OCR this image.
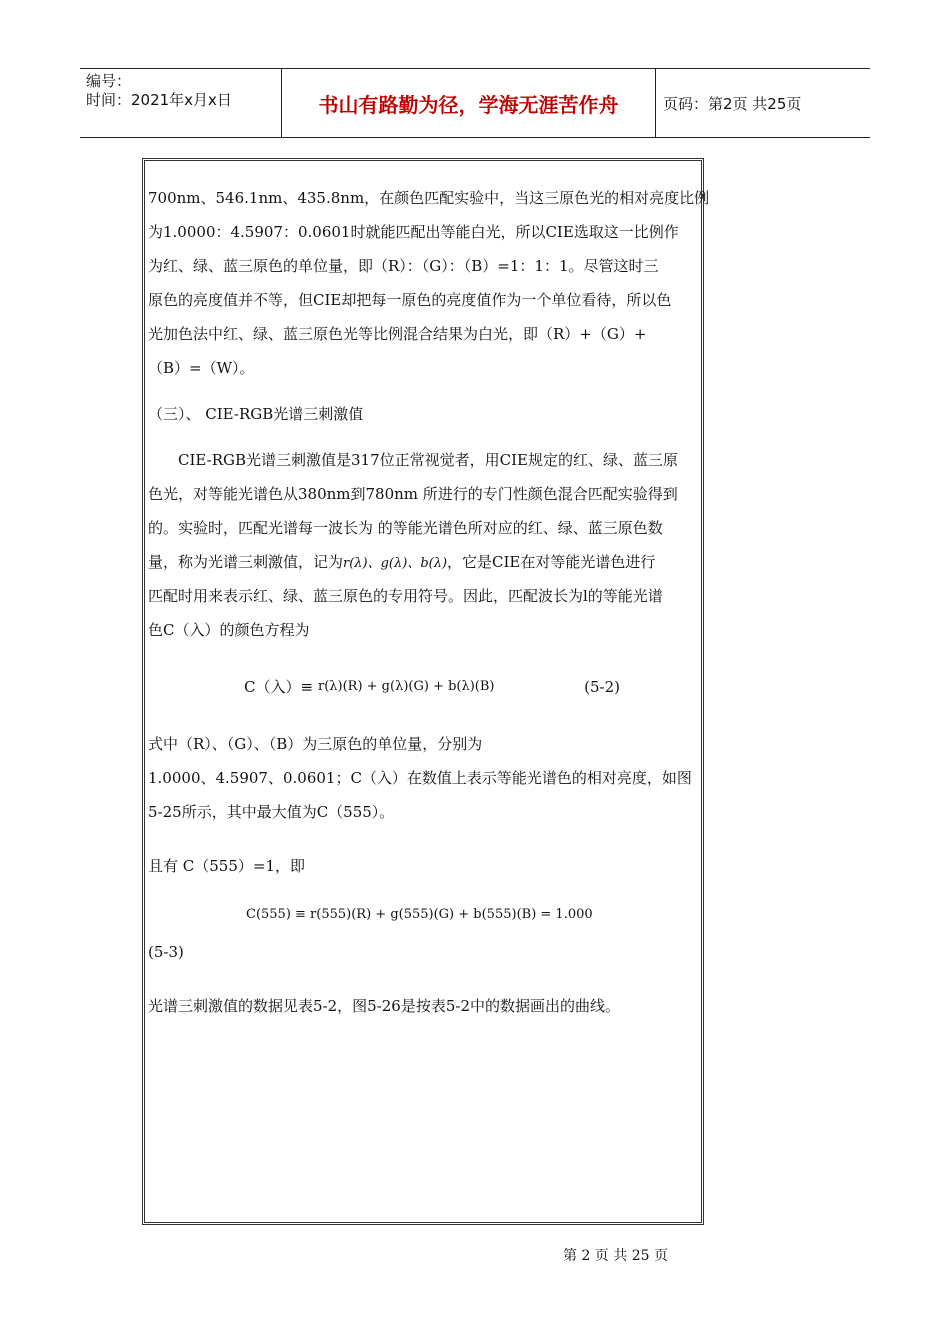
编号：
时间：2021年x月x日	书山有路勤为径，学海无涯苦作舟	页码：第2页 共25页
700nm、546.1nm、435.8nm，在颜色匹配实验中，当这三原色光的相对亮度比例
为1.0000：4.5907：0.0601时就能匹配出等能白光，所以CIE选取这一比例作
为红、绿、蓝三原色的单位量，即（R）：（G）：（B）=1：1：1。尽管这时三
原色的亮度值并不等，但CIE却把每一原色的亮度值作为一个单位看待，所以色
光加色法中红、绿、蓝三原色光等比例混合结果为白光，即（R）+（G）+
（B）=（W）。
（三）、 CIE-RGB光谱三刺激值
CIE-RGB光谱三刺激值是317位正常视觉者，用CIE规定的红、绿、蓝三原
色光，对等能光谱色从380nm到780nm 所进行的专门性颜色混合匹配实验得到
的。实验时，匹配光谱每一波长为 的等能光谱色所对应的红、绿、蓝三原色数
量，称为光谱三刺激值，记为r(λ)、g(λ)、b(λ)，它是CIE在对等能光谱色进行
匹配时用来表示红、绿、蓝三原色的专用符号。因此，匹配波长为l的等能光谱
色C（入）的颜色方程为
C（入）≡ r(λ)(R) + g(λ)(G) + b(λ)(B)	(5-2)
式中（R）、（G）、（B）为三原色的单位量，分别为
1.0000、4.5907、0.0601；C（入）在数值上表示等能光谱色的相对亮度，如图
5-25所示，其中最大值为C（555）。
且有 C（555）=1，即
C(555) ≡ r(555)(R) + g(555)(G) + b(555)(B) = 1.000
(5-3)
光谱三刺激值的数据见表5-2，图5-26是按表5-2中的数据画出的曲线。
第 2 页 共 25 页
